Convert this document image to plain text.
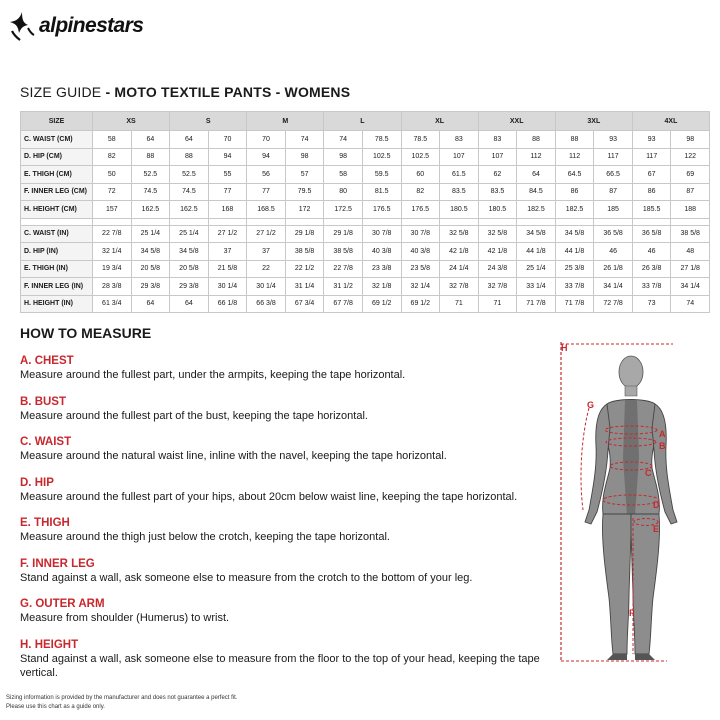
alpinestars
SIZE GUIDE - MOTO TEXTILE PANTS - WOMENS
SIZE	XS		S		M		L		XL		XXL		3XL		4XL	
C. WAIST (CM)	58	64	64	70	70	74	74	78.5	78.5	83	83	88	88	93	93	98
D. HIP (CM)	82	88	88	94	94	98	98	102.5	102.5	107	107	112	112	117	117	122
E. THIGH (CM)	50	52.5	52.5	55	56	57	58	59.5	60	61.5	62	64	64.5	66.5	67	69
F. INNER LEG (CM)	72	74.5	74.5	77	77	79.5	80	81.5	82	83.5	83.5	84.5	86	87	86	87
H. HEIGHT (CM)	157	162.5	162.5	168	168.5	172	172.5	176.5	176.5	180.5	180.5	182.5	182.5	185	185.5	188

C. WAIST (IN)	22 7/8	25 1/4	25 1/4	27 1/2	27 1/2	29 1/8	29 1/8	30 7/8	30 7/8	32 5/8	32 5/8	34 5/8	34 5/8	36 5/8	36 5/8	38 5/8
D. HIP (IN)	32 1/4	34 5/8	34 5/8	37	37	38 5/8	38 5/8	40 3/8	40 3/8	42 1/8	42 1/8	44 1/8	44 1/8	46	46	48
E. THIGH (IN)	19 3/4	20 5/8	20 5/8	21 5/8	22	22 1/2	22 7/8	23 3/8	23 5/8	24 1/4	24 3/8	25 1/4	25 3/8	26 1/8	26 3/8	27 1/8
F. INNER LEG (IN)	28 3/8	29 3/8	29 3/8	30 1/4	30 1/4	31 1/4	31 1/2	32 1/8	32 1/4	32 7/8	32 7/8	33 1/4	33 7/8	34 1/4	33 7/8	34 1/4
H. HEIGHT (IN)	61 3/4	64	64	66 1/8	66 3/8	67 3/4	67 7/8	69 1/2	69 1/2	71	71	71 7/8	71 7/8	72 7/8	73	74
HOW TO MEASURE
A. CHEST
Measure around the fullest part, under the armpits, keeping the tape horizontal.
B. BUST
Measure around the fullest part of the bust, keeping the tape horizontal.
C. WAIST
Measure around the natural waist line, inline with the navel, keeping the tape horizontal.
D. HIP
Measure around the fullest part of your hips, about 20cm below waist line, keeping the tape horizontal.
E. THIGH
Measure around the thigh just below the crotch, keeping the tape horizontal.
F. INNER LEG
Stand against a wall, ask someone else to measure from the crotch to the bottom of your leg.
G. OUTER ARM
Measure from shoulder (Humerus) to wrist.
H. HEIGHT
Stand against a wall, ask someone else to measure from the floor to the top of your head, keeping the tape vertical.
H
A
B
C
D
E
F
G
Sizing information is provided by the manufacturer and does not guarantee a perfect fit.
Please use this chart as a guide only.
